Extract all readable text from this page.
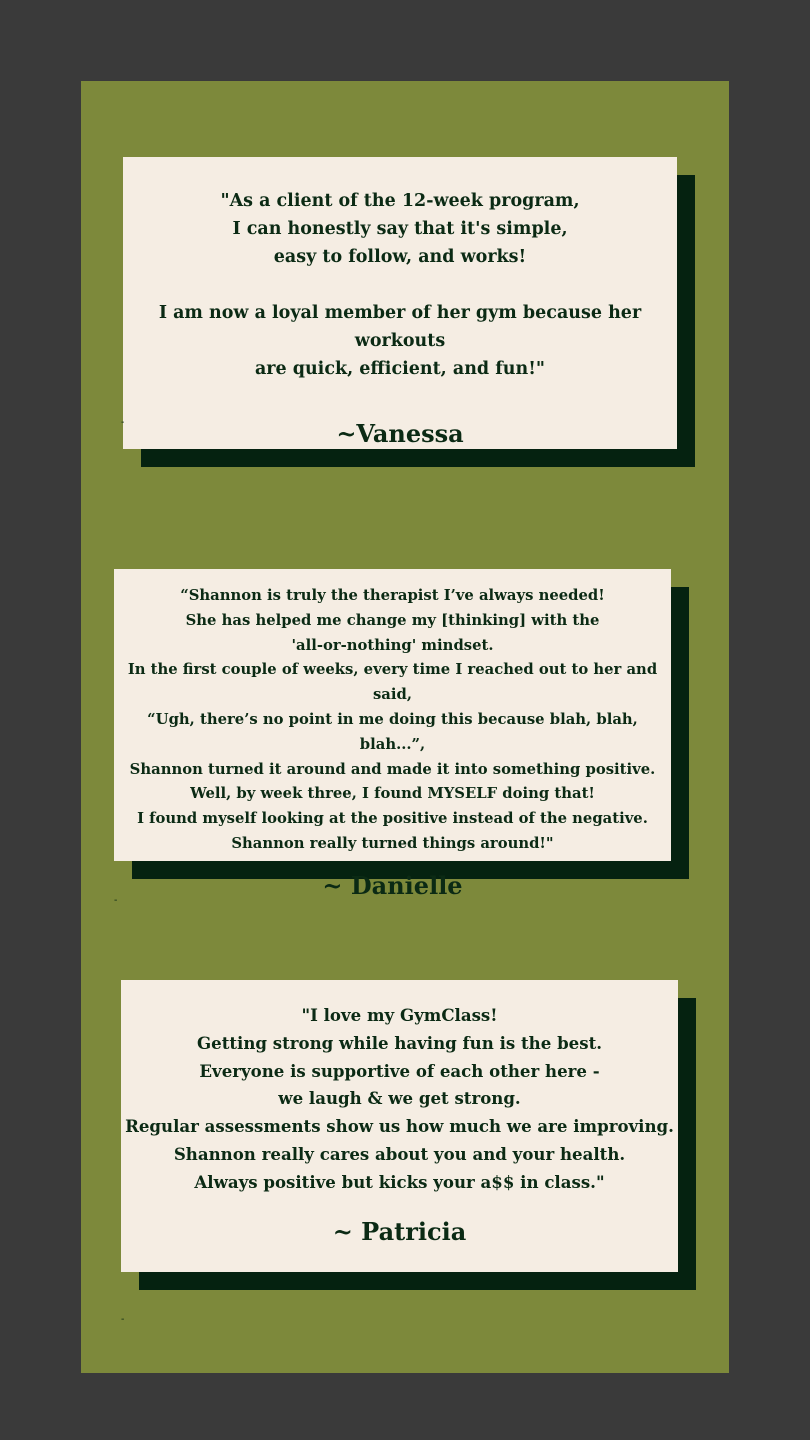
"As a client of the 12-week program,
I can honestly say that it's simple,
easy to follow, and works!

I am now a loyal member of her gym because her workouts
are quick, efficient, and fun!"

~Vanessa

-

“Shannon is truly the therapist I’ve always needed!
She has helped me change my [thinking] with the
'all-or-nothing' mindset.
In the first couple of weeks, every time I reached out to her and said,
“Ugh, there’s no point in me doing this because blah, blah, blah...”,
Shannon turned it around and made it into something positive.
Well, by week three, I found MYSELF doing that!
I found myself looking at the positive instead of the negative.
Shannon really turned things around!"

~ Danielle

-

"I love my GymClass!
Getting strong while having fun is the best.
Everyone is supportive of each other here -
we laugh & we get strong.
Regular assessments show us how much we are improving.
Shannon really cares about you and your health.
Always positive but kicks your a$$ in class."

~ Patricia

-
